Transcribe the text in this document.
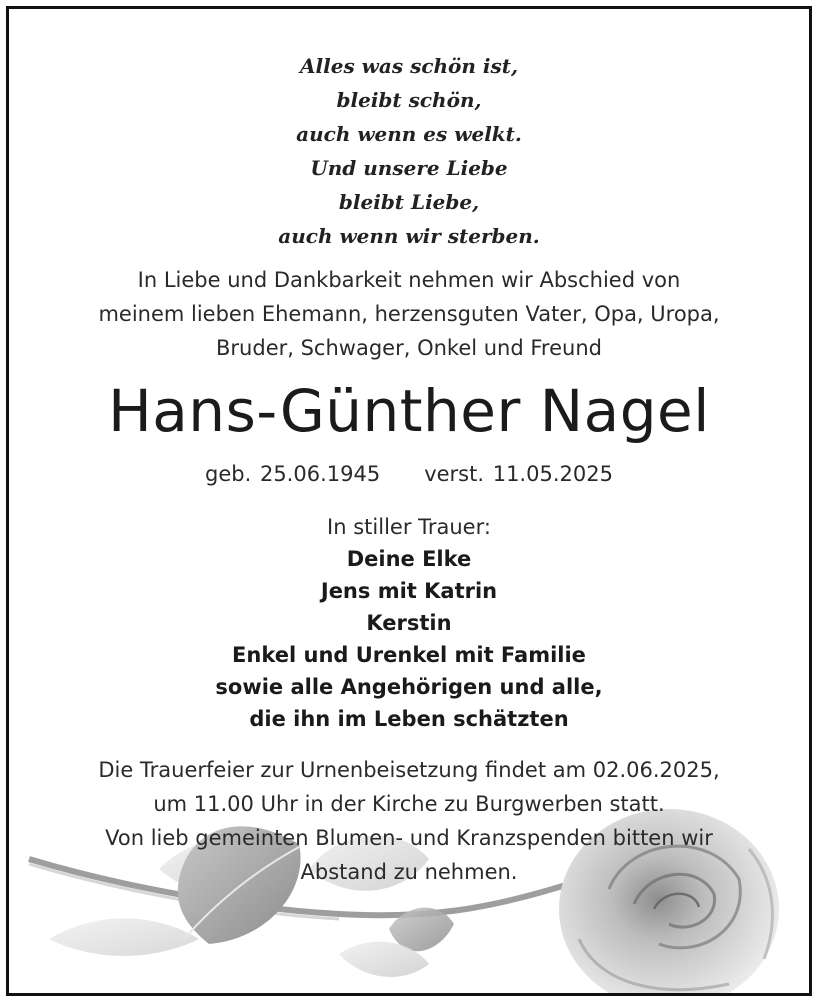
Alles was schön ist,
bleibt schön,
auch wenn es welkt.
Und unsere Liebe
bleibt Liebe,
auch wenn wir sterben.
In Liebe und Dankbarkeit nehmen wir Abschied von
meinem lieben Ehemann, herzensguten Vater, Opa, Uropa,
Bruder, Schwager, Onkel und Freund
Hans-Günther Nagel
geb. 25.06.1945 verst. 11.05.2025
In stiller Trauer:
Deine Elke
Jens mit Katrin
Kerstin
Enkel und Urenkel mit Familie
sowie alle Angehörigen und alle,
die ihn im Leben schätzten
Die Trauerfeier zur Urnenbeisetzung findet am 02.06.2025,
um 11.00 Uhr in der Kirche zu Burgwerben statt.
Von lieb gemeinten Blumen- und Kranzspenden bitten wir
Abstand zu nehmen.
